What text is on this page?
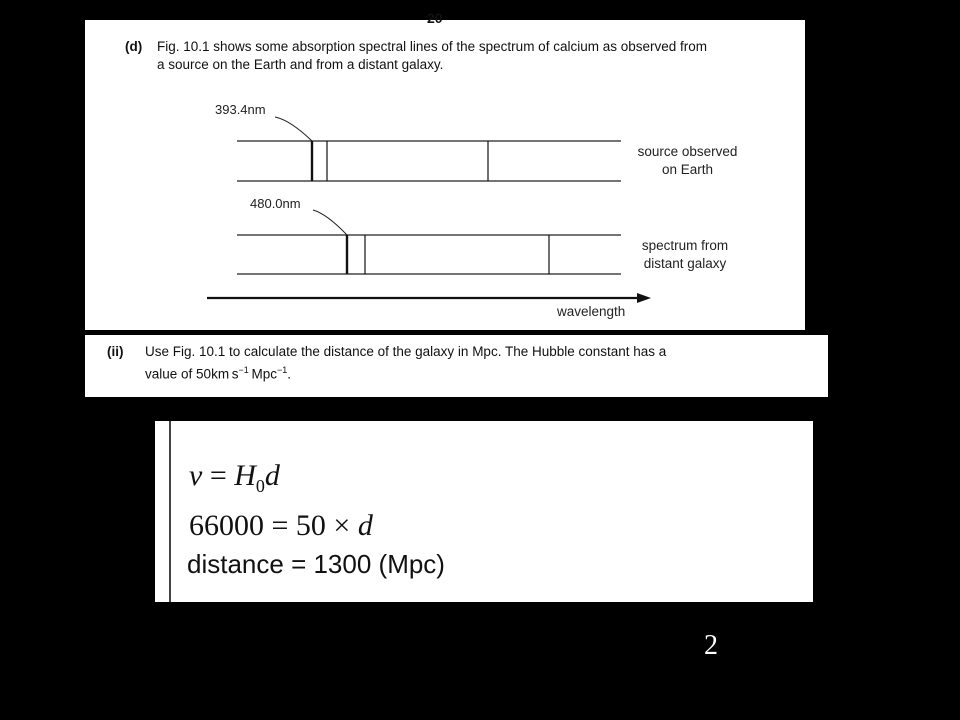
20
(d) Fig. 10.1 shows some absorption spectral lines of the spectrum of calcium as observed from
a source on the Earth and from a distant galaxy.
393.4nm
480.0nm
source observed
on Earth
spectrum from
distant galaxy
wavelength
(ii) Use Fig. 10.1 to calculate the distance of the galaxy in Mpc. The Hubble constant has a
value of 50km  $s^{-1}$  Mpc$^{-1}$.
$v = H_0d$
66000 = 50 × d
distance = 1300 (Mpc)
2
